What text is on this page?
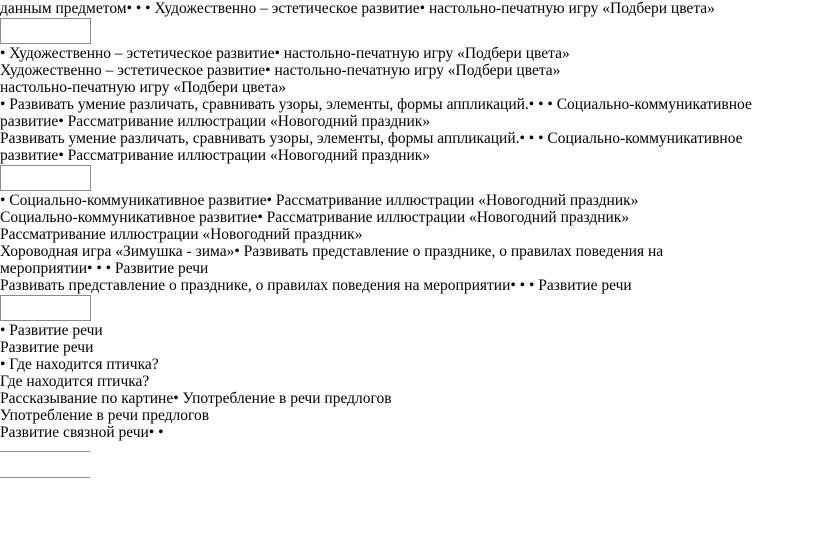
данным предметом• • • Художественно – эстетическое развитие• настольно-печатную игру «Подбери цвета»
• Художественно – эстетическое развитие• настольно-печатную игру «Подбери цвета»
Художественно – эстетическое развитие• настольно-печатную игру «Подбери цвета»
настольно-печатную игру «Подбери цвета»
• Развивать умение различать, сравнивать узоры, элементы, формы аппликаций.• • • Социально-коммуникативное
развитие• Рассматривание иллюстрации «Новогодний праздник»
Развивать умение различать, сравнивать узоры, элементы, формы аппликаций.• • • Социально-коммуникативное
развитие• Рассматривание иллюстрации «Новогодний праздник»
• Социально-коммуникативное развитие• Рассматривание иллюстрации «Новогодний праздник»
Социально-коммуникативное развитие• Рассматривание иллюстрации «Новогодний праздник»
Рассматривание иллюстрации «Новогодний праздник»
Хороводная игра «Зимушка - зима»• Развивать представление о празднике, о правилах поведения на
мероприятии• • • Развитие речи
Развивать представление о празднике, о правилах поведения на мероприятии• • • Развитие речи
• Развитие речи
Развитие речи
• Где находится птичка?
Где находится птичка?
Рассказывание по картине• Употребление в речи предлогов
Употребление в речи предлогов
Развитие связной речи• •
